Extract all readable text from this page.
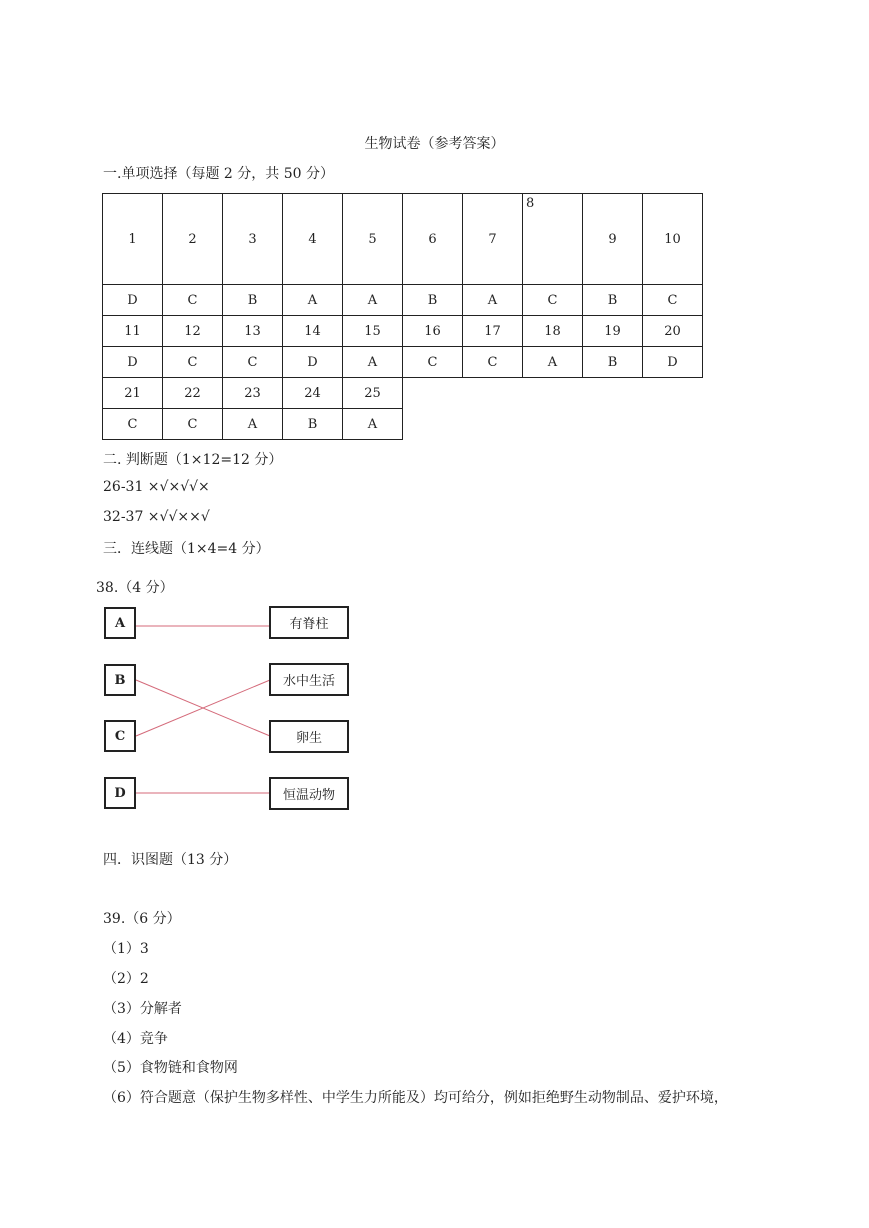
生物试卷（参考答案）
一.单项选择（每题 2 分，共 50 分）
1	2	3	4	5	6	7	8	9	10
D	C	B	A	A	B	A	C	B	C
11	12	13	14	15	16	17	18	19	20
D	C	C	D	A	C	C	A	B	D
21	22	23	24	25					
C	C	A	B	A					
二. 判断题（1×12=12 分）
26-31 ×√×√√×
32-37 ×√√××√
三．连线题（1×4=4 分）
38.（4 分）
A
B
C
D
有脊柱
水中生活
卵生
恒温动物
四．识图题（13 分）
39.（6 分）
（1）3
（2）2
（3）分解者
（4）竞争
（5）食物链和食物网
（6）符合题意（保护生物多样性、中学生力所能及）均可给分，例如拒绝野生动物制品、爱护环境，
